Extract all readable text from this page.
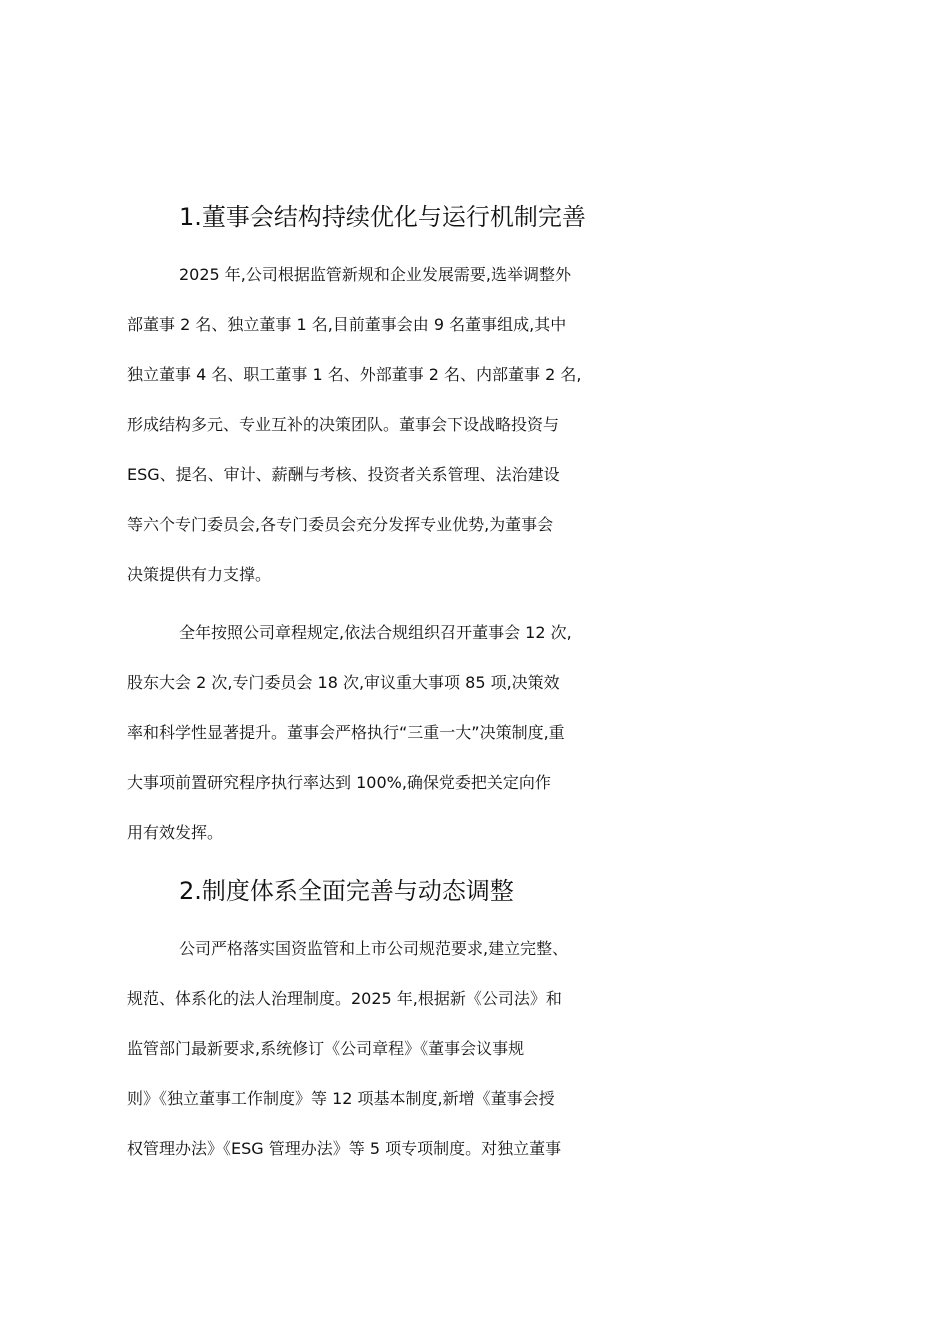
1.董事会结构持续优化与运行机制完善

2025 年,公司根据监管新规和企业发展需要,选举调整外
部董事 2 名、独立董事 1 名,目前董事会由 9 名董事组成,其中
独立董事 4 名、职工董事 1 名、外部董事 2 名、内部董事 2 名,
形成结构多元、专业互补的决策团队。董事会下设战略投资与
ESG、提名、审计、薪酬与考核、投资者关系管理、法治建设
等六个专门委员会,各专门委员会充分发挥专业优势,为董事会
决策提供有力支撑。
全年按照公司章程规定,依法合规组织召开董事会 12 次,
股东大会 2 次,专门委员会 18 次,审议重大事项 85 项,决策效
率和科学性显著提升。董事会严格执行“三重一大”决策制度,重
大事项前置研究程序执行率达到 100%,确保党委把关定向作
用有效发挥。

2.制度体系全面完善与动态调整

公司严格落实国资监管和上市公司规范要求,建立完整、
规范、体系化的法人治理制度。2025 年,根据新《公司法》和
监管部门最新要求,系统修订《公司章程》《董事会议事规
则》《独立董事工作制度》等 12 项基本制度,新增《董事会授
权管理办法》《ESG 管理办法》等 5 项专项制度。对独立董事
